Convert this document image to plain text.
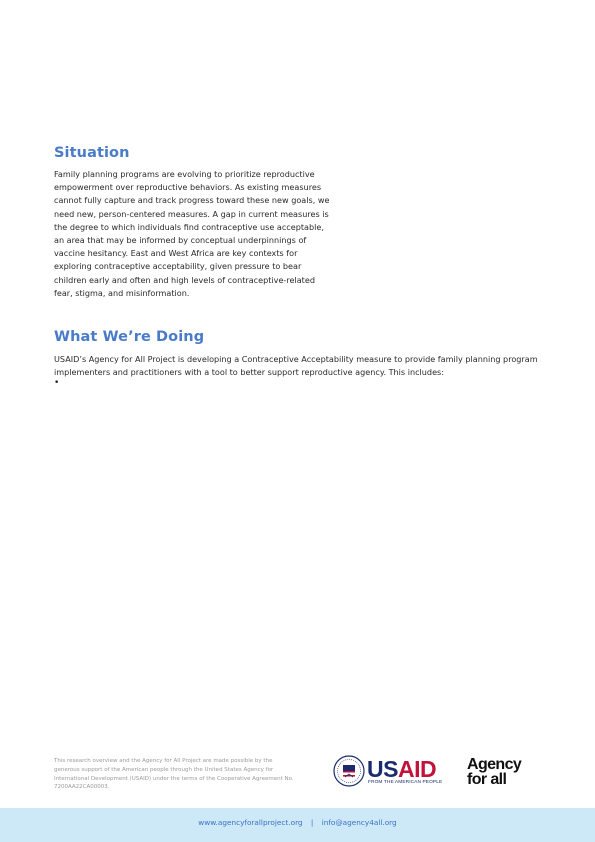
Situation

Family planning programs are evolving to prioritize reproductive empowerment over reproductive behaviors. As existing measures cannot fully capture and track progress toward these new goals, we need new, person-centered measures. A gap in current measures is the degree to which individuals find contraceptive use acceptable, an area that may be informed by conceptual underpinnings of vaccine hesitancy. East and West Africa are key contexts for exploring contraceptive acceptability, given pressure to bear children early and often and high levels of contraceptive-related fear, stigma, and misinformation.

What We’re Doing

USAID’s Agency for All Project is developing a Contraceptive Acceptability measure to provide family planning program implementers and practitioners with a tool to better support reproductive agency. This includes:

•

This research overview and the Agency for All Project are made possible by the generous support of the American people through the United States Agency for International Development (USAID) under the terms of the Cooperative Agreement No. 7200AA22CA00003.

USAID
FROM THE AMERICAN PEOPLE
Agency
for all
www.agencyforallproject.org | info@agency4all.org
